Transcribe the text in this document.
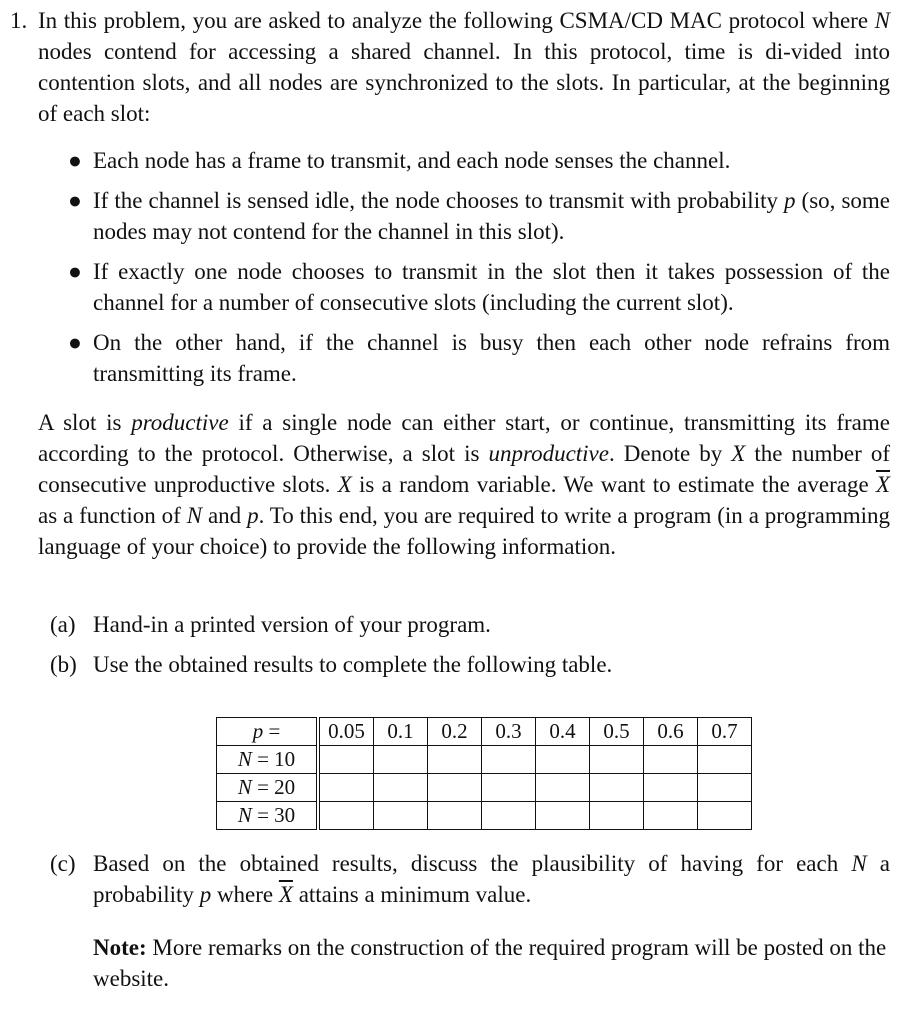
1. In this problem, you are asked to analyze the following CSMA/CD MAC protocol where N nodes contend for accessing a shared channel. In this protocol, time is di-vided into contention slots, and all nodes are synchronized to the slots. In particular, at the beginning of each slot:
● Each node has a frame to transmit, and each node senses the channel.
● If the channel is sensed idle, the node chooses to transmit with probability p (so, some nodes may not contend for the channel in this slot).
● If exactly one node chooses to transmit in the slot then it takes possession of the channel for a number of consecutive slots (including the current slot).
● On the other hand, if the channel is busy then each other node refrains from transmitting its frame.
A slot is productive if a single node can either start, or continue, transmitting its frame according to the protocol. Otherwise, a slot is unproductive. Denote by X the number of consecutive unproductive slots. X is a random variable. We want to estimate the average $\overline{X}$ as a function of N and p. To this end, you are required to write a program (in a programming language of your choice) to provide the following information.
(a) Hand-in a printed version of your program.
(b) Use the obtained results to complete the following table.
p =	0.05	0.1	0.2	0.3	0.4	0.5	0.6	0.7
N = 10								
N = 20								
N = 30								
(c) Based on the obtained results, discuss the plausibility of having for each N a probability p where $\overline{X}$ attains a minimum value.
Note: More remarks on the construction of the required program will be posted on the website.
